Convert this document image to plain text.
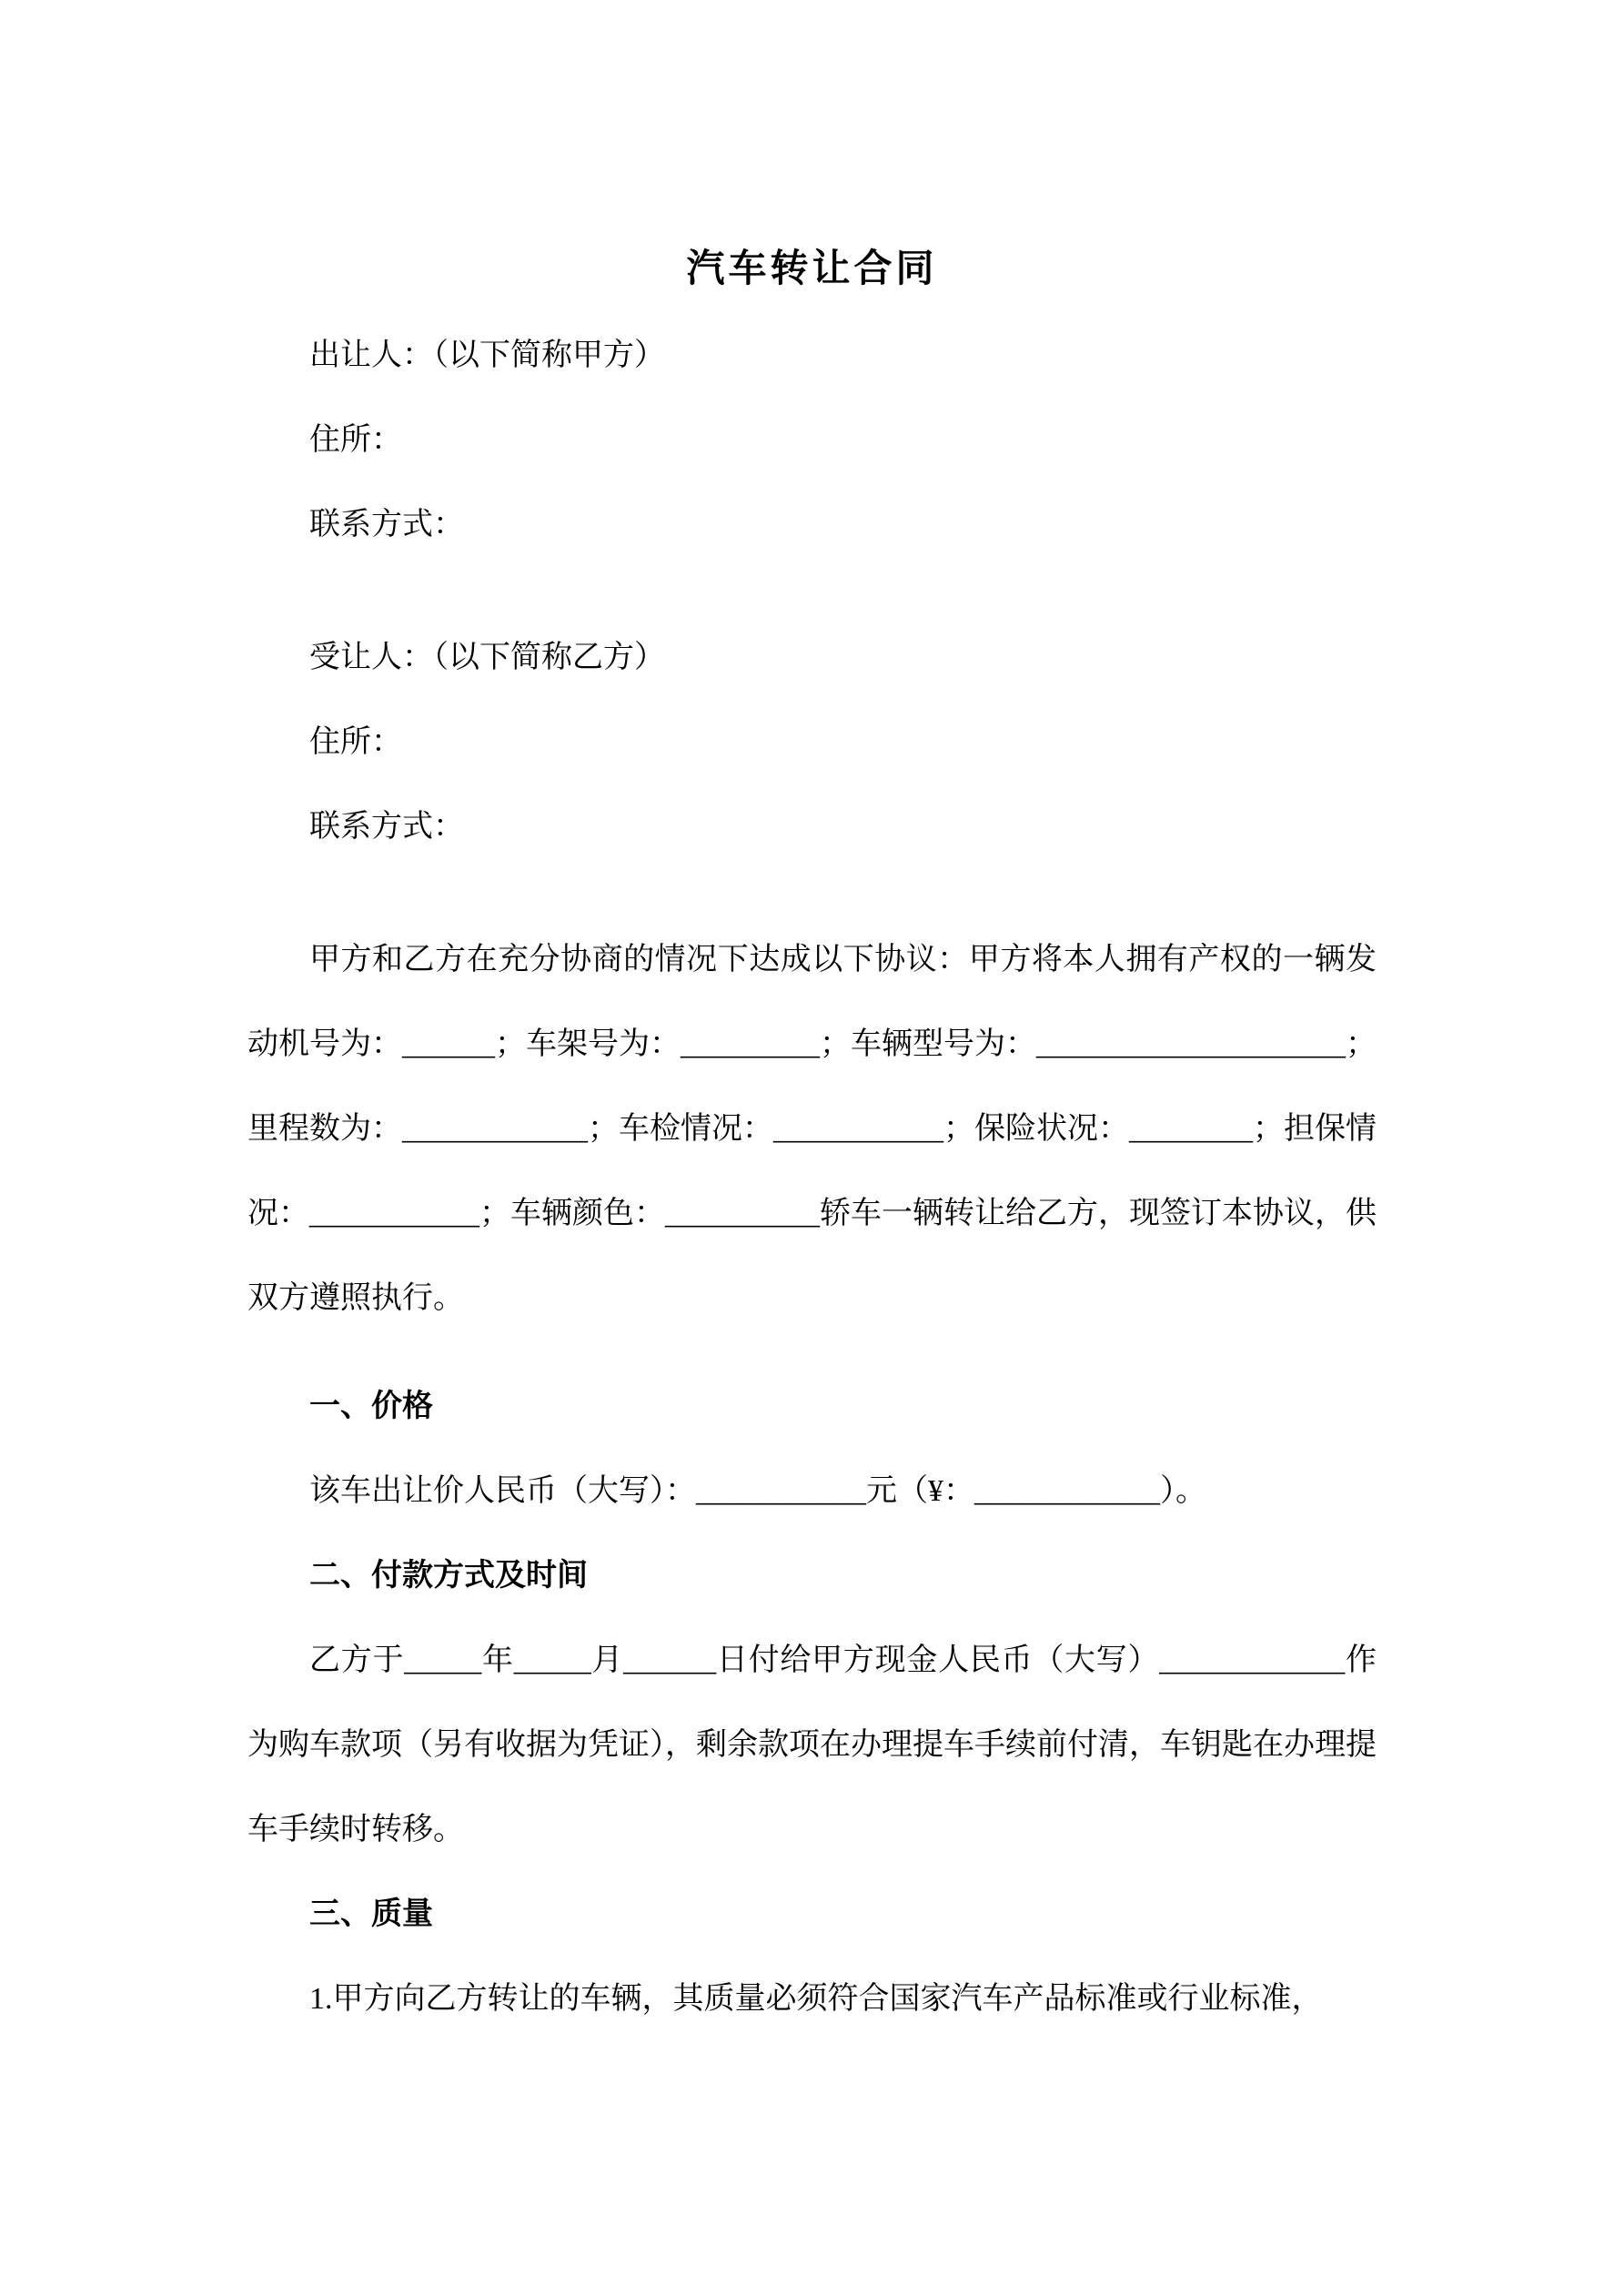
汽车转让合同

出让人：（以下简称甲方）

住所：

联系方式：

受让人：（以下简称乙方）

住所：

联系方式：

甲方和乙方在充分协商的情况下达成以下协议：甲方将本人拥有产权的一辆发动机号为：______；车架号为：_________；车辆型号为：____________________；里程数为：____________；车检情况：___________；保险状况：________；担保情况：___________；车辆颜色：__________轿车一辆转让给乙方，现签订本协议，供双方遵照执行。

一、价格

该车出让价人民币（大写）：___________元（¥：____________）。

二、付款方式及时间

乙方于_____年_____月______日付给甲方现金人民币（大写）____________作为购车款项（另有收据为凭证），剩余款项在办理提车手续前付清，车钥匙在办理提车手续时转移。

三、质量

1.甲方向乙方转让的车辆，其质量必须符合国家汽车产品标准或行业标准，
